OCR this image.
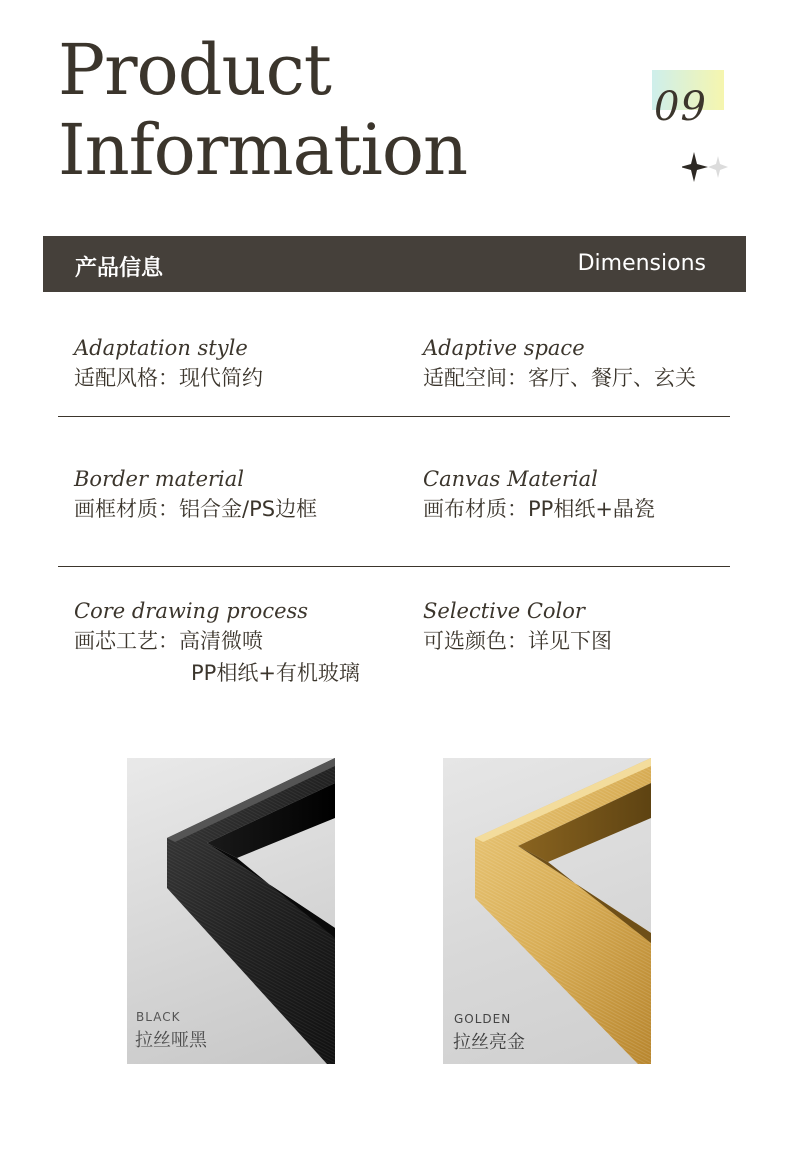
Product
Information
09
产品信息	Dimensions
Adaptation style
适配风格：现代简约
Adaptive space
适配空间：客厅、餐厅、玄关
Border material
画框材质：铝合金/PS边框
Canvas Material
画布材质：PP相纸+晶瓷
Core drawing process
画芯工艺：高清微喷
PP相纸+有机玻璃
Selective Color
可选颜色：详见下图
BLACK
拉丝哑黑
GOLDEN
拉丝亮金
